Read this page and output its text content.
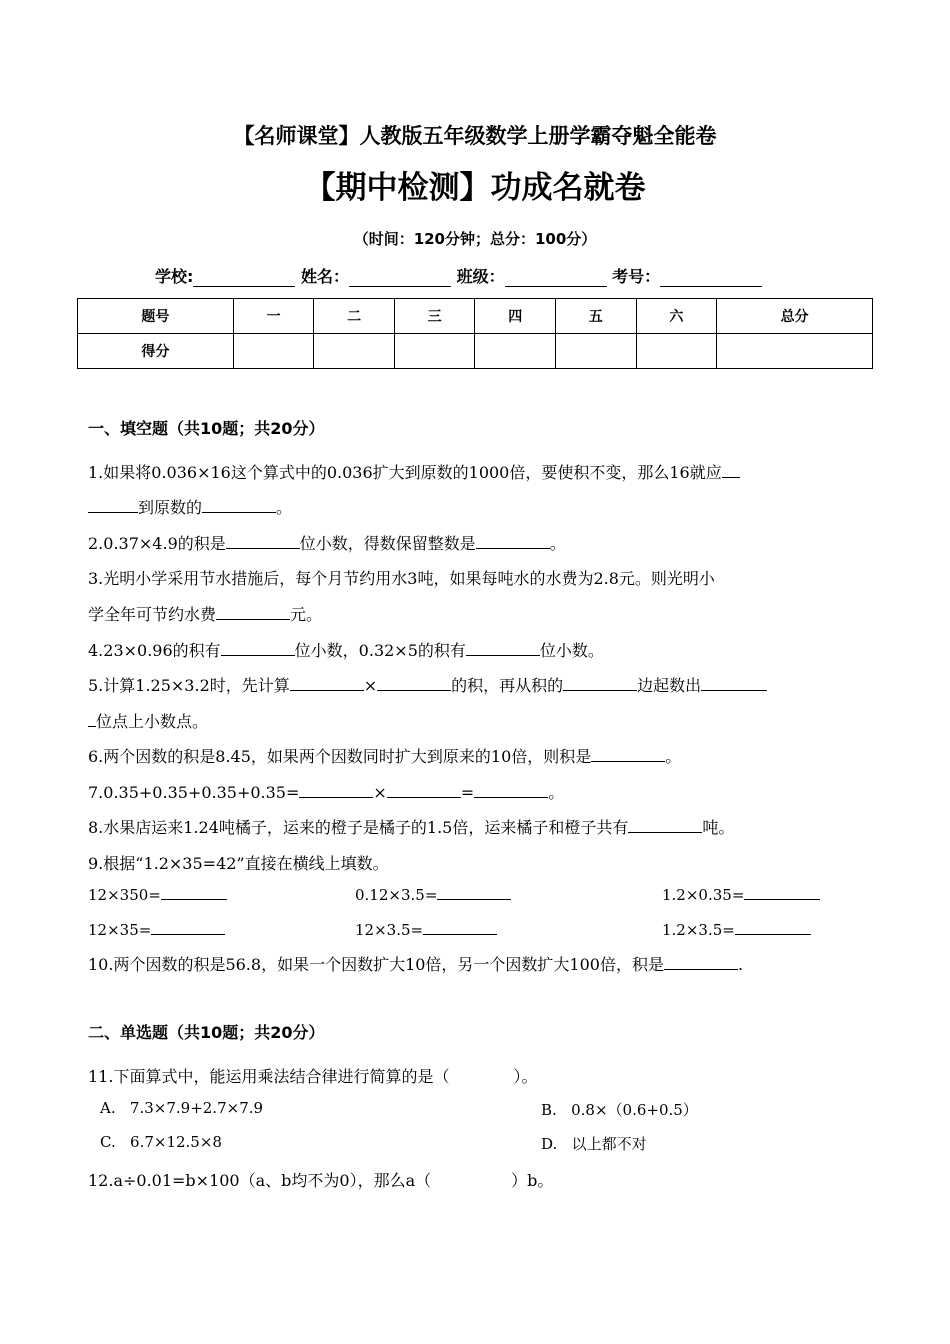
【名师课堂】人教版五年级数学上册学霸夺魁全能卷
【期中检测】功成名就卷
（时间：120分钟；总分：100分）
学校:	姓名：	班级：	考号：
题号	一	二	三	四	五	六	总分
得分							
一、填空题（共10题；共20分）
1.如果将0.036×16这个算式中的0.036扩大到原数的1000倍，要使积不变，那么16就应
到原数的	。
2.0.37×4.9的积是	位小数，得数保留整数是	。
3.光明小学采用节水措施后，每个月节约用水3吨，如果每吨水的水费为2.8元。则光明小
学全年可节约水费	元。
4.23×0.96的积有	位小数，0.32×5的积有	位小数。
5.计算1.25×3.2时，先计算	×	的积，再从积的	边起数出
位点上小数点。
6.两个因数的积是8.45，如果两个因数同时扩大到原来的10倍，则积是	。
7.0.35+0.35+0.35+0.35=	×	=	。
8.水果店运来1.24吨橘子，运来的橙子是橘子的1.5倍，运来橘子和橙子共有	吨。
9.根据“1.2×35=42”直接在横线上填数。
12×350=	0.12×3.5=	1.2×0.35=
12×35=	12×3.5=	1.2×3.5=
10.两个因数的积是56.8，如果一个因数扩大10倍，另一个因数扩大100倍，积是	.
二、单选题（共10题；共20分）
11.下面算式中，能运用乘法结合律进行简算的是（　　　　）。
A. 7.3×7.9+2.7×7.9	B. 0.8×（0.6+0.5）
C. 6.7×12.5×8	D. 以上都不对
12.a÷0.01=b×100（a、b均不为0），那么a（　　　　　）b。
